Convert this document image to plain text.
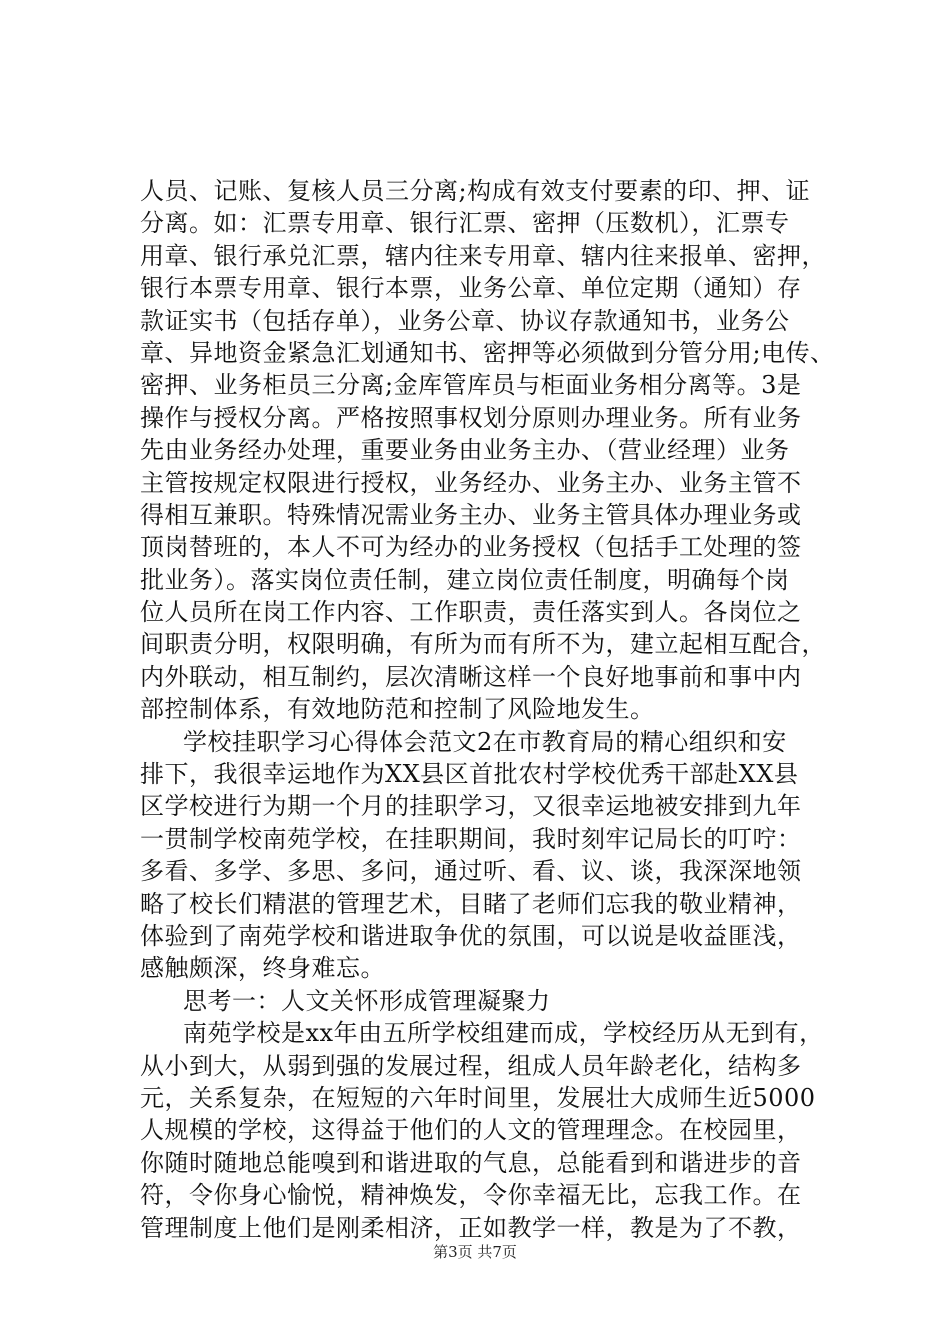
人员、记账、复核人员三分离;构成有效支付要素的印、押、证
分离。如：汇票专用章、银行汇票、密押（压数机），汇票专
用章、银行承兑汇票，辖内往来专用章、辖内往来报单、密押，
银行本票专用章、银行本票，业务公章、单位定期（通知）存
款证实书（包括存单），业务公章、协议存款通知书，业务公
章、异地资金紧急汇划通知书、密押等必须做到分管分用;电传、
密押、业务柜员三分离;金库管库员与柜面业务相分离等。3是
操作与授权分离。严格按照事权划分原则办理业务。所有业务
先由业务经办处理，重要业务由业务主办、（营业经理）业务
主管按规定权限进行授权，业务经办、业务主办、业务主管不
得相互兼职。特殊情况需业务主办、业务主管具体办理业务或
顶岗替班的，本人不可为经办的业务授权（包括手工处理的签
批业务）。落实岗位责任制，建立岗位责任制度，明确每个岗
位人员所在岗工作内容、工作职责，责任落实到人。各岗位之
间职责分明，权限明确，有所为而有所不为，建立起相互配合，
内外联动，相互制约，层次清晰这样一个良好地事前和事中内
部控制体系，有效地防范和控制了风险地发生。
学校挂职学习心得体会范文2在市教育局的精心组织和安
排下，我很幸运地作为XX县区首批农村学校优秀干部赴XX县
区学校进行为期一个月的挂职学习，又很幸运地被安排到九年
一贯制学校南苑学校，在挂职期间，我时刻牢记局长的叮咛：
多看、多学、多思、多问，通过听、看、议、谈，我深深地领
略了校长们精湛的管理艺术，目睹了老师们忘我的敬业精神，
体验到了南苑学校和谐进取争优的氛围，可以说是收益匪浅，
感触颇深，终身难忘。
思考一：人文关怀形成管理凝聚力
南苑学校是xx年由五所学校组建而成，学校经历从无到有，
从小到大，从弱到强的发展过程，组成人员年龄老化，结构多
元，关系复杂，在短短的六年时间里，发展壮大成师生近5000
人规模的学校，这得益于他们的人文的管理理念。在校园里，
你随时随地总能嗅到和谐进取的气息，总能看到和谐进步的音
符，令你身心愉悦，精神焕发，令你幸福无比，忘我工作。在
管理制度上他们是刚柔相济，正如教学一样，教是为了不教，
第3页 共7页
